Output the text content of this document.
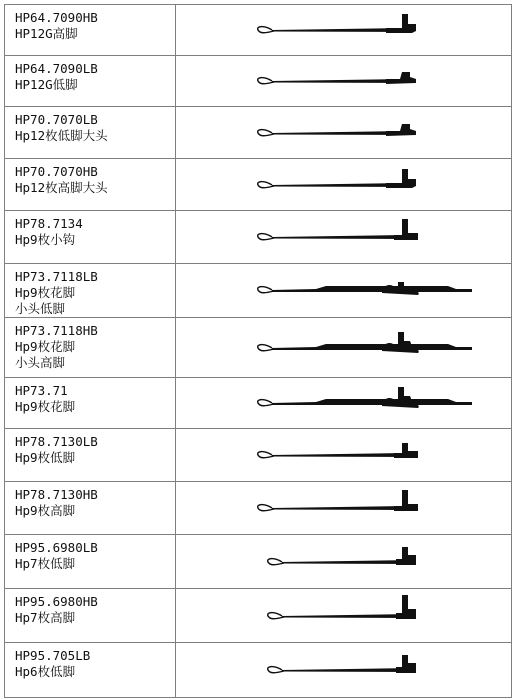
HP64.7090HB
HP12G高脚

HP64.7090LB
HP12G低脚

HP70.7070LB
Hp12枚低脚大头

HP70.7070HB
Hp12枚高脚大头

HP78.7134
Hp9枚小钩

HP73.7118LB
Hp9枚花脚
小头低脚

HP73.7118HB
Hp9枚花脚
小头高脚

HP73.71
Hp9枚花脚

HP78.7130LB
Hp9枚低脚

HP78.7130HB
Hp9枚高脚

HP95.6980LB
Hp7枚低脚

HP95.6980HB
Hp7枚高脚

HP95.705LB
Hp6枚低脚
